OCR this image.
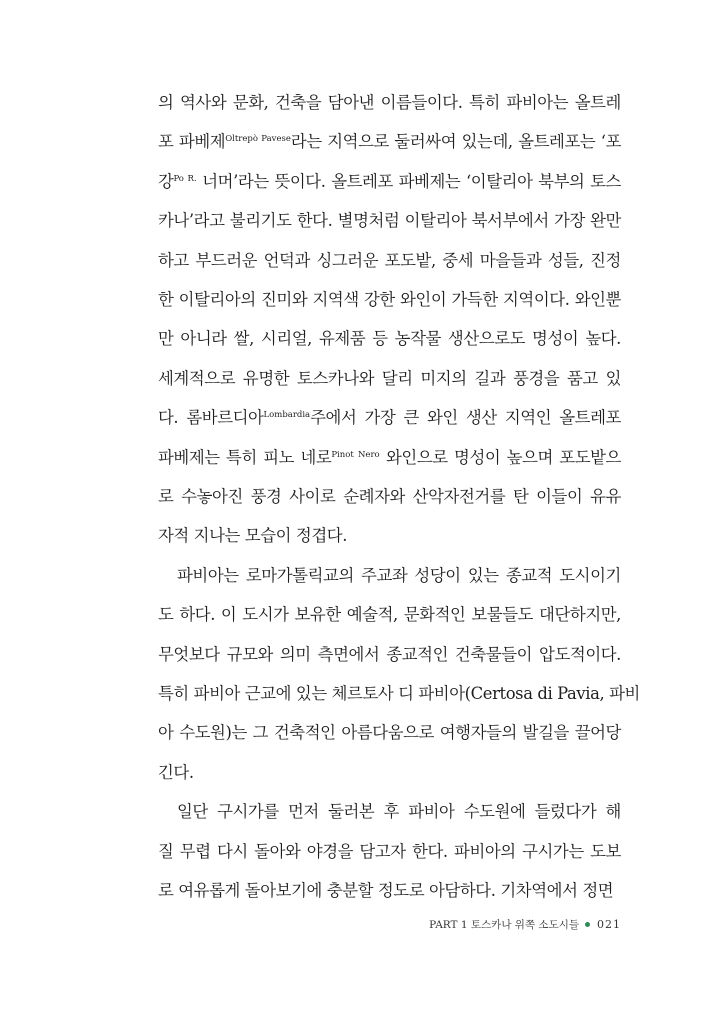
의 역사와 문화, 건축을 담아낸 이름들이다. 특히 파비아는 올트레
포 파베제$^{Oltrepò Pavese}$라는 지역으로 둘러싸여 있는데, 올트레포는 ‘포
강$^{Po R.}$ 너머’라는 뜻이다. 올트레포 파베제는 ‘이탈리아 북부의 토스
카나’라고 불리기도 한다. 별명처럼 이탈리아 북서부에서 가장 완만
하고 부드러운 언덕과 싱그러운 포도밭, 중세 마을들과 성들, 진정
한 이탈리아의 진미와 지역색 강한 와인이 가득한 지역이다. 와인뿐
만 아니라 쌀, 시리얼, 유제품 등 농작물 생산으로도 명성이 높다.
세계적으로 유명한 토스카나와 달리 미지의 길과 풍경을 품고 있
다. 롬바르디아$^{Lombardia}$주에서 가장 큰 와인 생산 지역인 올트레포
파베제는 특히 피노 네로$^{Pinot Nero}$ 와인으로 명성이 높으며 포도밭으
로 수놓아진 풍경 사이로 순례자와 산악자전거를 탄 이들이 유유
자적 지나는 모습이 정겹다.
파비아는 로마가톨릭교의 주교좌 성당이 있는 종교적 도시이기
도 하다. 이 도시가 보유한 예술적, 문화적인 보물들도 대단하지만,
무엇보다 규모와 의미 측면에서 종교적인 건축물들이 압도적이다.
특히 파비아 근교에 있는 체르토사 디 파비아(Certosa di Pavia, 파비
아 수도원)는 그 건축적인 아름다움으로 여행자들의 발길을 끌어당
긴다.
일단 구시가를 먼저 둘러본 후 파비아 수도원에 들렀다가 해
질 무렵 다시 돌아와 야경을 담고자 한다. 파비아의 구시가는 도보
로 여유롭게 돌아보기에 충분할 정도로 아담하다. 기차역에서 정면
PART 1 토스카나 위쪽 소도시들 021
